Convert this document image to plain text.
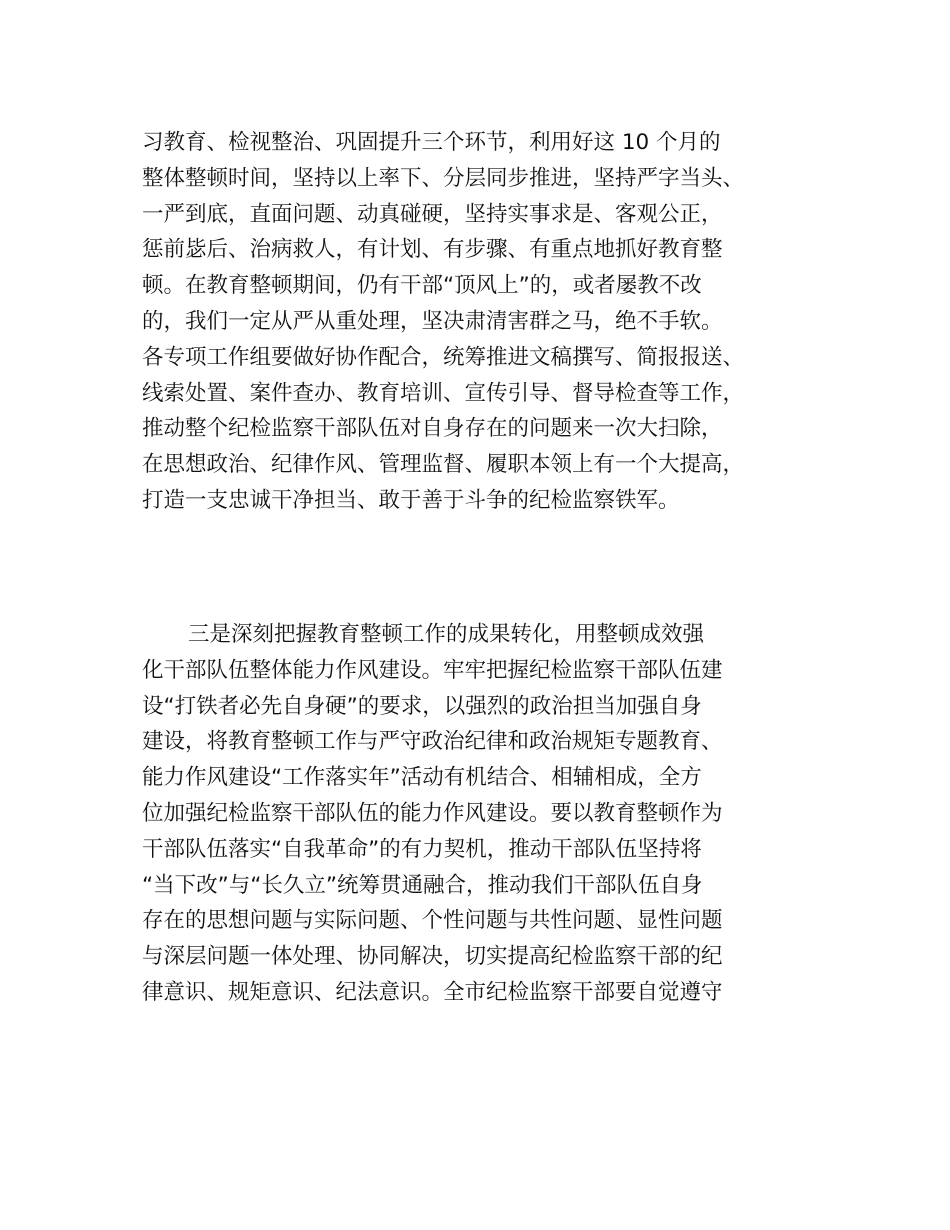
习教育、检视整治、巩固提升三个环节，利用好这 10 个月的
整体整顿时间，坚持以上率下、分层同步推进，坚持严字当头、
一严到底，直面问题、动真碰硬，坚持实事求是、客观公正，
惩前毖后、治病救人，有计划、有步骤、有重点地抓好教育整
顿。在教育整顿期间，仍有干部“顶风上”的，或者屡教不改
的，我们一定从严从重处理，坚决肃清害群之马，绝不手软。
各专项工作组要做好协作配合，统筹推进文稿撰写、简报报送、
线索处置、案件查办、教育培训、宣传引导、督导检查等工作，
推动整个纪检监察干部队伍对自身存在的问题来一次大扫除，
在思想政治、纪律作风、管理监督、履职本领上有一个大提高，
打造一支忠诚干净担当、敢于善于斗争的纪检监察铁军。
三是深刻把握教育整顿工作的成果转化，用整顿成效强
化干部队伍整体能力作风建设。牢牢把握纪检监察干部队伍建
设“打铁者必先自身硬”的要求，以强烈的政治担当加强自身
建设，将教育整顿工作与严守政治纪律和政治规矩专题教育、
能力作风建设“工作落实年”活动有机结合、相辅相成，全方
位加强纪检监察干部队伍的能力作风建设。要以教育整顿作为
干部队伍落实“自我革命”的有力契机，推动干部队伍坚持将
“当下改”与“长久立”统筹贯通融合，推动我们干部队伍自身
存在的思想问题与实际问题、个性问题与共性问题、显性问题
与深层问题一体处理、协同解决，切实提高纪检监察干部的纪
律意识、规矩意识、纪法意识。全市纪检监察干部要自觉遵守
